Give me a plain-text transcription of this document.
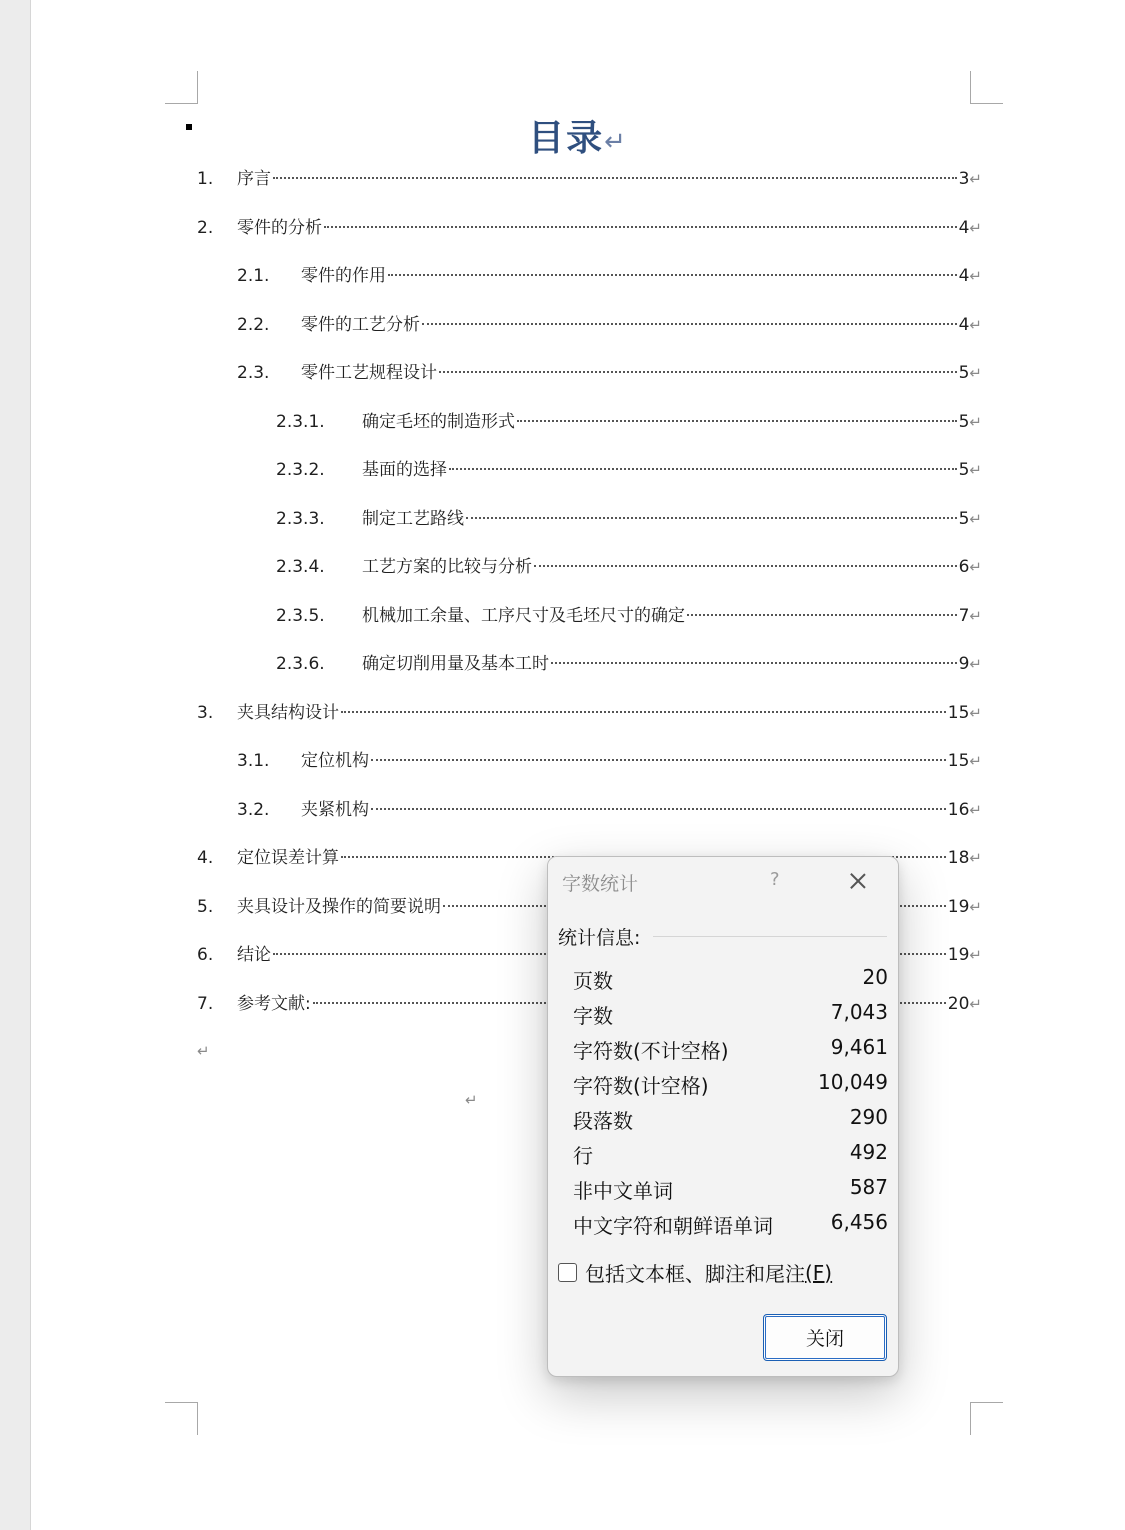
目录↵
1.	序言	3 ↵
2.	零件的分析	4 ↵
2.1.	零件的作用	4 ↵
2.2.	零件的工艺分析	4 ↵
2.3.	零件工艺规程设计	5 ↵
2.3.1.	确定毛坯的制造形式	5 ↵
2.3.2.	基面的选择	5 ↵
2.3.3.	制定工艺路线	5 ↵
2.3.4.	工艺方案的比较与分析	6 ↵
2.3.5.	机械加工余量、工序尺寸及毛坯尺寸的确定	7 ↵
2.3.6.	确定切削用量及基本工时	9 ↵
3.	夹具结构设计	15 ↵
3.1.	定位机构	15 ↵
3.2.	夹紧机构	16 ↵
4.	定位误差计算	18 ↵
5.	夹具设计及操作的简要说明	19 ↵
6.	结论	19 ↵
7.	参考文献:	20 ↵
↵
↵
字数统计	?
统计信息:
页数	20
字数	7,043
字符数(不计空格)	9,461
字符数(计空格)	10,049
段落数	290
行	492
非中文单词	587
中文字符和朝鲜语单词	6,456
包括文本框、脚注和尾注 (F)
关闭
